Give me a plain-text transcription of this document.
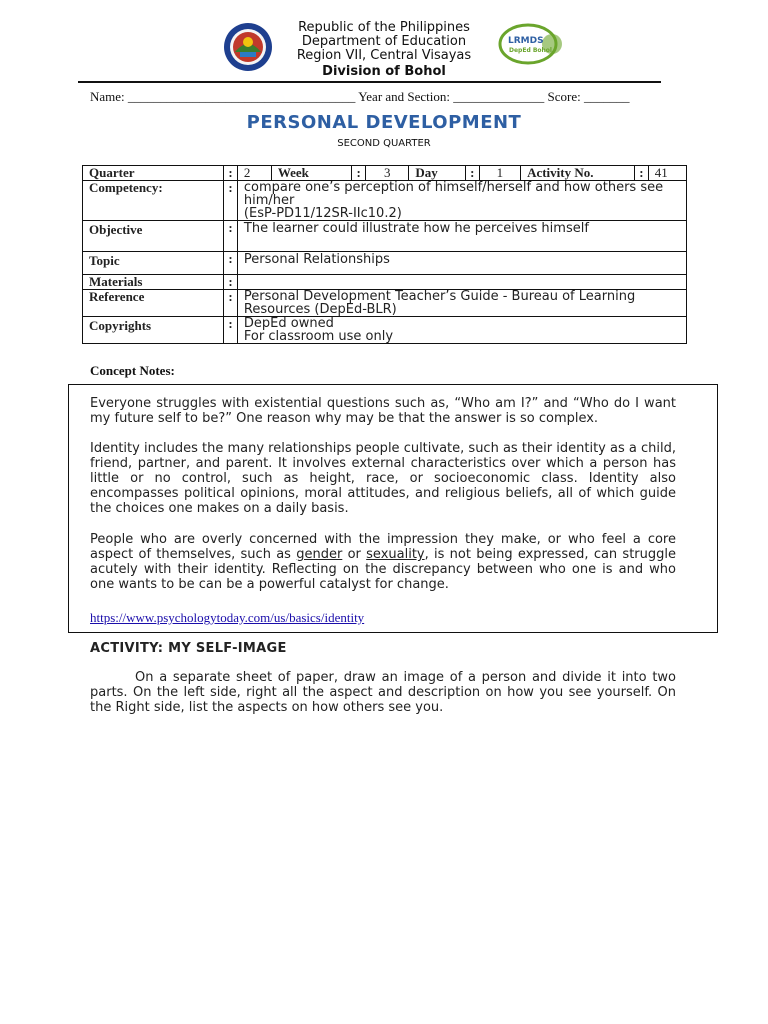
LRMDS
DepEd Bohol
Republic of the Philippines
Department of Education
Region VII, Central Visayas
Division of Bohol
Name: ___________________________________ Year and Section: ______________ Score: _______
PERSONAL DEVELOPMENT
SECOND QUARTER
Quarter	:	2	Week	:	3	Day	:	1	Activity No.	:	41
Competency:	:	compare one’s perception of himself/herself and how others see him/her
(EsP-PD11/12SR-IIc10.2)									

Objective	:	The learner could illustrate how he perceives himself									
Topic	:	Personal Relationships									
Materials	:										
Reference	:	Personal Development Teacher’s Guide - Bureau of Learning Resources (DepEd-BLR)									
Copyrights	:	DepEd owned
For classroom use only									
Concept Notes:

Everyone struggles with existential questions such as, “Who am I?” and “Who do I want my future self to be?” One reason why may be that the answer is so complex.

Identity includes the many relationships people cultivate, such as their identity as a child, friend, partner, and parent. It involves external characteristics over which a person has little or no control, such as height, race, or socioeconomic class. Identity also encompasses political opinions, moral attitudes, and religious beliefs, all of which guide the choices one makes on a daily basis.

People who are overly concerned with the impression they make, or who feel a core aspect of themselves, such as gender or sexuality, is not being expressed, can struggle acutely with their identity. Reflecting on the discrepancy between who one is and who one wants to be can be a powerful catalyst for change.

https://www.psychologytoday.com/us/basics/identity
ACTIVITY: MY SELF-IMAGE

On a separate sheet of paper, draw an image of a person and divide it into two parts. On the left side, right all the aspect and description on how you see yourself. On the Right side, list the aspects on how others see you.
